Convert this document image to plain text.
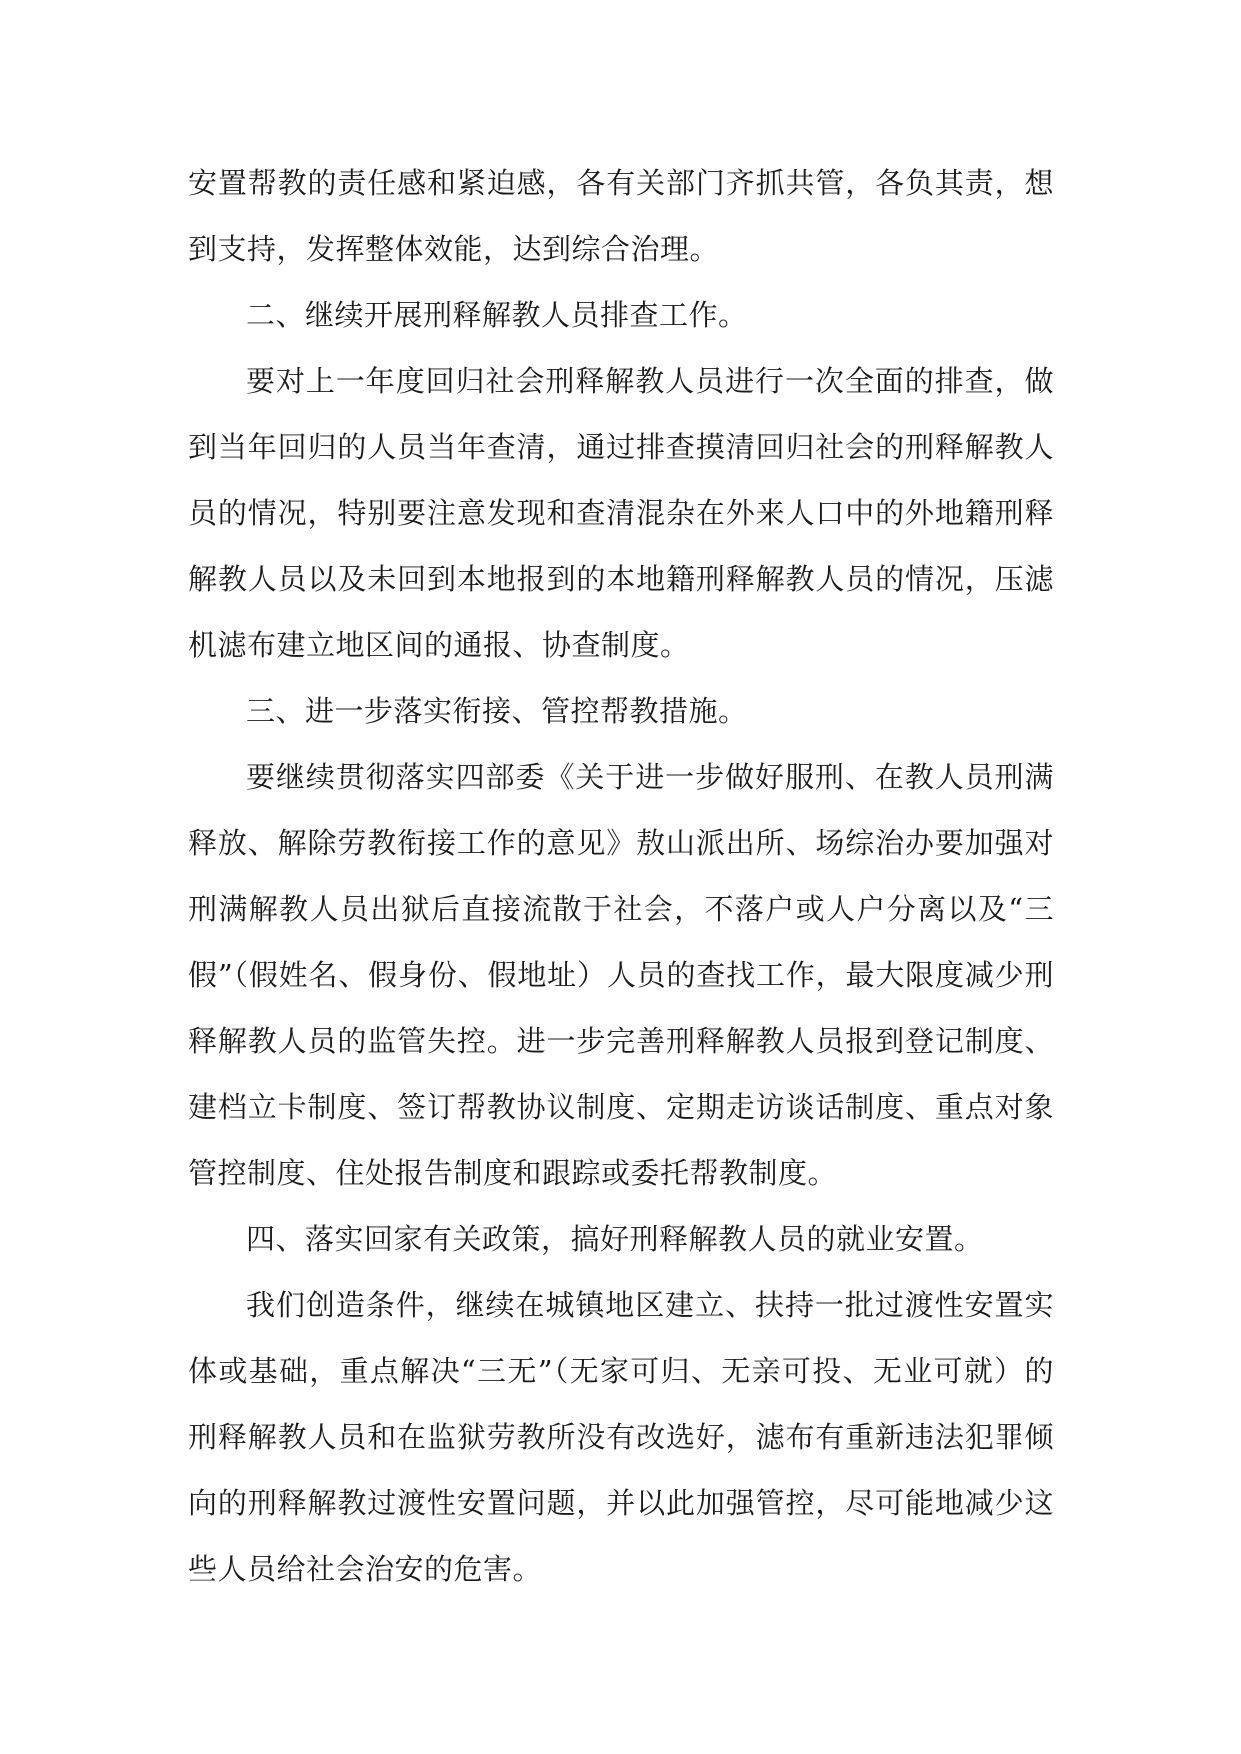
安置帮教的责任感和紧迫感，各有关部门齐抓共管，各负其责，想到支持，发挥整体效能，达到综合治理。

二、继续开展刑释解教人员排查工作。

要对上一年度回归社会刑释解教人员进行一次全面的排查，做到当年回归的人员当年查清，通过排查摸清回归社会的刑释解教人员的情况，特别要注意发现和查清混杂在外来人口中的外地籍刑释解教人员以及未回到本地报到的本地籍刑释解教人员的情况，压滤机滤布建立地区间的通报、协查制度。

三、进一步落实衔接、管控帮教措施。

要继续贯彻落实四部委《关于进一步做好服刑、在教人员刑满释放、解除劳教衔接工作的意见》敖山派出所、场综治办要加强对刑满解教人员出狱后直接流散于社会，不落户或人户分离以及“三假”（假姓名、假身份、假地址）人员的查找工作，最大限度减少刑释解教人员的监管失控。进一步完善刑释解教人员报到登记制度、建档立卡制度、签订帮教协议制度、定期走访谈话制度、重点对象管控制度、住处报告制度和跟踪或委托帮教制度。

四、落实回家有关政策，搞好刑释解教人员的就业安置。

我们创造条件，继续在城镇地区建立、扶持一批过渡性安置实体或基础，重点解决“三无”（无家可归、无亲可投、无业可就）的刑释解教人员和在监狱劳教所没有改选好，滤布有重新违法犯罪倾向的刑释解教过渡性安置问题，并以此加强管控，尽可能地减少这些人员给社会治安的危害。
